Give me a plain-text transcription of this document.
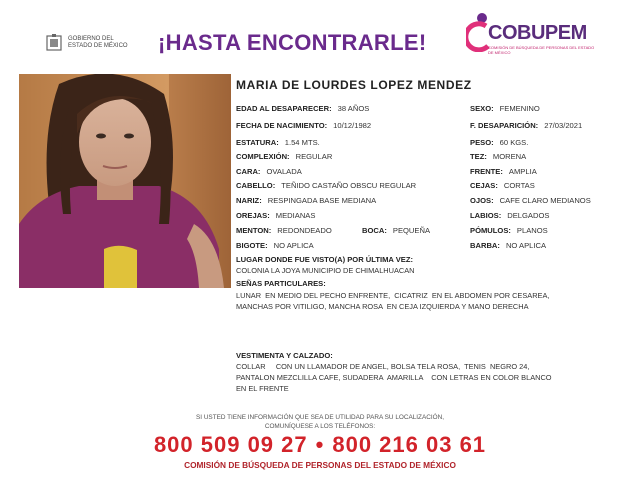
GOBIERNO DEL
ESTADO DE MÉXICO ¡HASTA ENCONTRARLE!	COBUPEM
COMISIÓN DE BÚSQUEDA DE PERSONAS DEL ESTADO DE MÉXICO
MARIA DE LOURDES LOPEZ MENDEZ
EDAD AL DESAPARECER: 38 AÑOS
FECHA DE NACIMIENTO: 10/12/1982
ESTATURA: 1.54 MTS.
COMPLEXIÓN: REGULAR
CARA: OVALADA
CABELLO: TEÑIDO CASTAÑO OBSCU REGULAR
NARIZ: RESPINGADA BASE MEDIANA
OREJAS: MEDIANAS
MENTON: REDONDEADO	BOCA: PEQUEÑA
BIGOTE: NO APLICA
SEXO: FEMENINO
F. DESAPARICIÓN: 27/03/2021
PESO: 60 KGS.
TEZ: MORENA
FRENTE: AMPLIA
CEJAS: CORTAS
OJOS: CAFE CLARO MEDIANOS
LABIOS: DELGADOS
PÓMULOS: PLANOS
BARBA: NO APLICA
LUGAR DONDE FUE VISTO(A) POR ÚLTIMA VEZ:
COLONIA LA JOYA MUNICIPIO DE CHIMALHUACAN
SEÑAS PARTICULARES:
LUNAR  EN MEDIO DEL PECHO ENFRENTE,  CICATRIZ  EN EL ABDOMEN POR CESAREA,
MANCHAS POR VITILIGO, MANCHA ROSA  EN CEJA IZQUIERDA Y MANO DERECHA
VESTIMENTA Y CALZADO:
COLLAR     CON UN LLAMADOR DE ANGEL, BOLSA TELA ROSA,  TENIS  NEGRO 24,
PANTALON MEZCLILLA CAFE, SUDADERA  AMARILLA    CON LETRAS EN COLOR BLANCO
EN EL FRENTE
SI USTED TIENE INFORMACIÓN QUE SEA DE UTILIDAD PARA SU LOCALIZACIÓN,
COMUNÍQUESE A LOS TELÉFONOS:
800 509 09 27 • 800 216 03 61
COMISIÓN DE BÚSQUEDA DE PERSONAS DEL ESTADO DE MÉXICO
